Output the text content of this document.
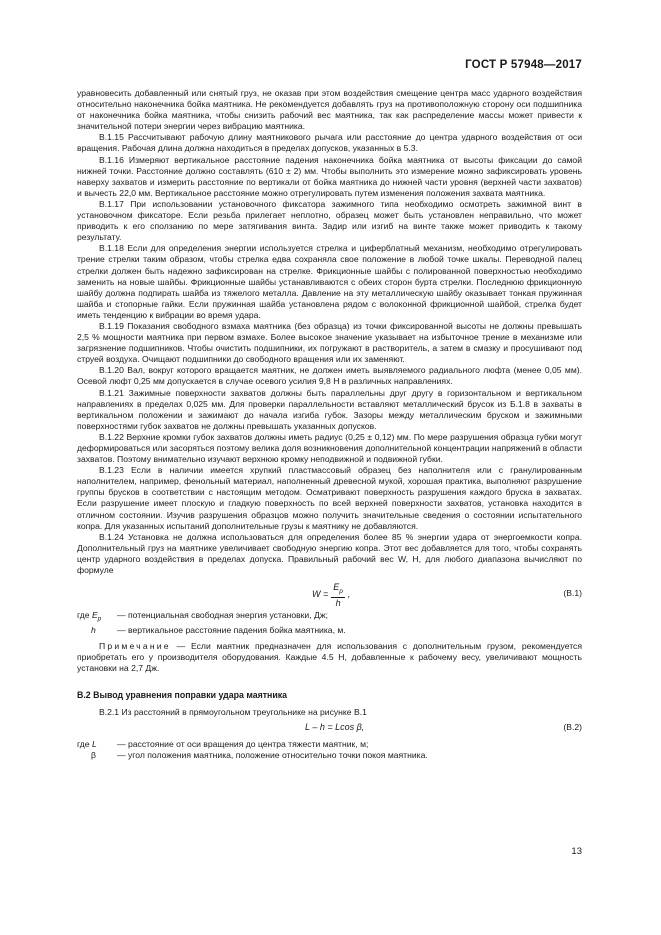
ГОСТ Р 57948—2017

уравновесить добавленный или снятый груз, не оказав при этом воздействия смещение центра масс ударного воздействия относительно наконечника бойка маятника. Не рекомендуется добавлять груз на противоположную сторону оси подшипника от наконечника бойка маятника, чтобы снизить рабочий вес маятника, так как распределение массы может привести к значительной потери энергии через вибрацию маятника.

В.1.15 Рассчитывают рабочую длину маятникового рычага или расстояние до центра ударного воздействия от оси вращения. Рабочая длина должна находиться в пределах допусков, указанных в 5.3.

В.1.16 Измеряют вертикальное расстояние падения наконечника бойка маятника от высоты фиксации до самой нижней точки. Расстояние должно составлять (610 ± 2) мм. Чтобы выполнить это измерение можно зафиксировать уровень наверху захватов и измерить расстояние по вертикали от бойка маятника до нижней части уровня (верхней части захватов) и вычесть 22,0 мм. Вертикальное расстояние можно отрегулировать путем изменения положения захвата маятника.

В.1.17 При использовании установочного фиксатора зажимного типа необходимо осмотреть зажимной винт в установочном фиксаторе. Если резьба прилегает неплотно, образец может быть установлен неправильно, что может приводить к его сползанию по мере затягивания винта. Задир или изгиб на винте также может приводить к такому результату.

В.1.18 Если для определения энергии используется стрелка и циферблатный механизм, необходимо отрегулировать трение стрелки таким образом, чтобы стрелка едва сохраняла свое положение в любой точке шкалы. Переводной палец стрелки должен быть надежно зафиксирован на стрелке. Фрикционные шайбы с полированной поверхностью необходимо заменить на новые шайбы. Фрикционные шайбы устанавливаются с обеих сторон бурта стрелки. Последнюю фрикционную шайбу должна подпирать шайба из тяжелого металла. Давление на эту металлическую шайбу оказывает тонкая пружинная шайба и стопорные гайки. Если пружинная шайба установлена рядом с волоконной фрикционной шайбой, стрелка будет иметь тенденцию к вибрации во время удара.

В.1.19 Показания свободного взмаха маятника (без образца) из точки фиксированной высоты не должны превышать 2,5 % мощности маятника при первом взмахе. Более высокое значение указывает на избыточное трение в механизме или загрязнение подшипников. Чтобы очистить подшипники, их погружают в растворитель, а затем в смазку и просушивают под струей воздуха. Очищают подшипники до свободного вращения или их заменяют.

В.1.20 Вал, вокруг которого вращается маятник, не должен иметь выявляемого радиального люфта (менее 0,05 мм). Осевой люфт 0,25 мм допускается в случае осевого усилия 9,8 Н в различных направлениях.

В.1.21 Зажимные поверхности захватов должны быть параллельны друг другу в горизонтальном и вертикальном направлениях в пределах 0,025 мм. Для проверки параллельности вставляют металлический брусок из Б.1.8 в захваты в вертикальном положении и зажимают до начала изгиба губок. Зазоры между металлическим бруском и зажимными поверхностями губок захватов не должны превышать указанных допусков.

В.1.22 Верхние кромки губок захватов должны иметь радиус (0,25 ± 0,12) мм. По мере разрушения образца губки могут деформироваться или засоряться поэтому велика доля возникновения дополнительной концентрации напряжений в области захватов. Поэтому внимательно изучают верхнюю кромку неподвижной и подвижной губки.

В.1.23 Если в наличии имеется хрупкий пластмассовый образец без наполнителя или с гранулированным наполнителем, например, фенольный материал, наполненный древесной мукой, хорошая практика, выполняют разрушение группы брусков в соответствии с настоящим методом. Осматривают поверхность разрушения каждого бруска в захватах. Если разрушение имеет плоскую и гладкую поверхность по всей верхней поверхности захватов, установка находится в отличном состоянии. Изучив разрушения образцов можно получить значительные сведения о состоянии испытательного копра. Для указанных испытаний дополнительные грузы к маятнику не добавляются.

В.1.24 Установка не должна использоваться для определения более 85 % энергии удара от энергоемкости копра. Дополнительный груз на маятнике увеличивает свободную энергию копра. Этот вес добавляется для того, чтобы сохранять центр ударного воздействия в пределах допуска. Правильный рабочий вес W, Н, для любого диапазона вычисляют по формуле

$W = \frac{E_p}{h}$ ,	(В.1)
где $E_p$	— потенциальная свободная энергия установки, Дж;
h	— вертикальное расстояние падения бойка маятника, м.

Примечание — Если маятник предназначен для использования с дополнительным грузом, рекомендуется приобретать его у производителя оборудования. Каждые 4.5 Н, добавленные к рабочему весу, увеличивают мощность установки на 2,7 Дж.

В.2 Вывод уравнения поправки удара маятника

В.2.1 Из расстояний в прямоугольном треугольнике на рисунке В.1

L – h = Lcos β,	(В.2)
где L	— расстояние от оси вращения до центра тяжести маятник, м;
β	— угол положения маятника, положение относительно точки покоя маятника.
13
